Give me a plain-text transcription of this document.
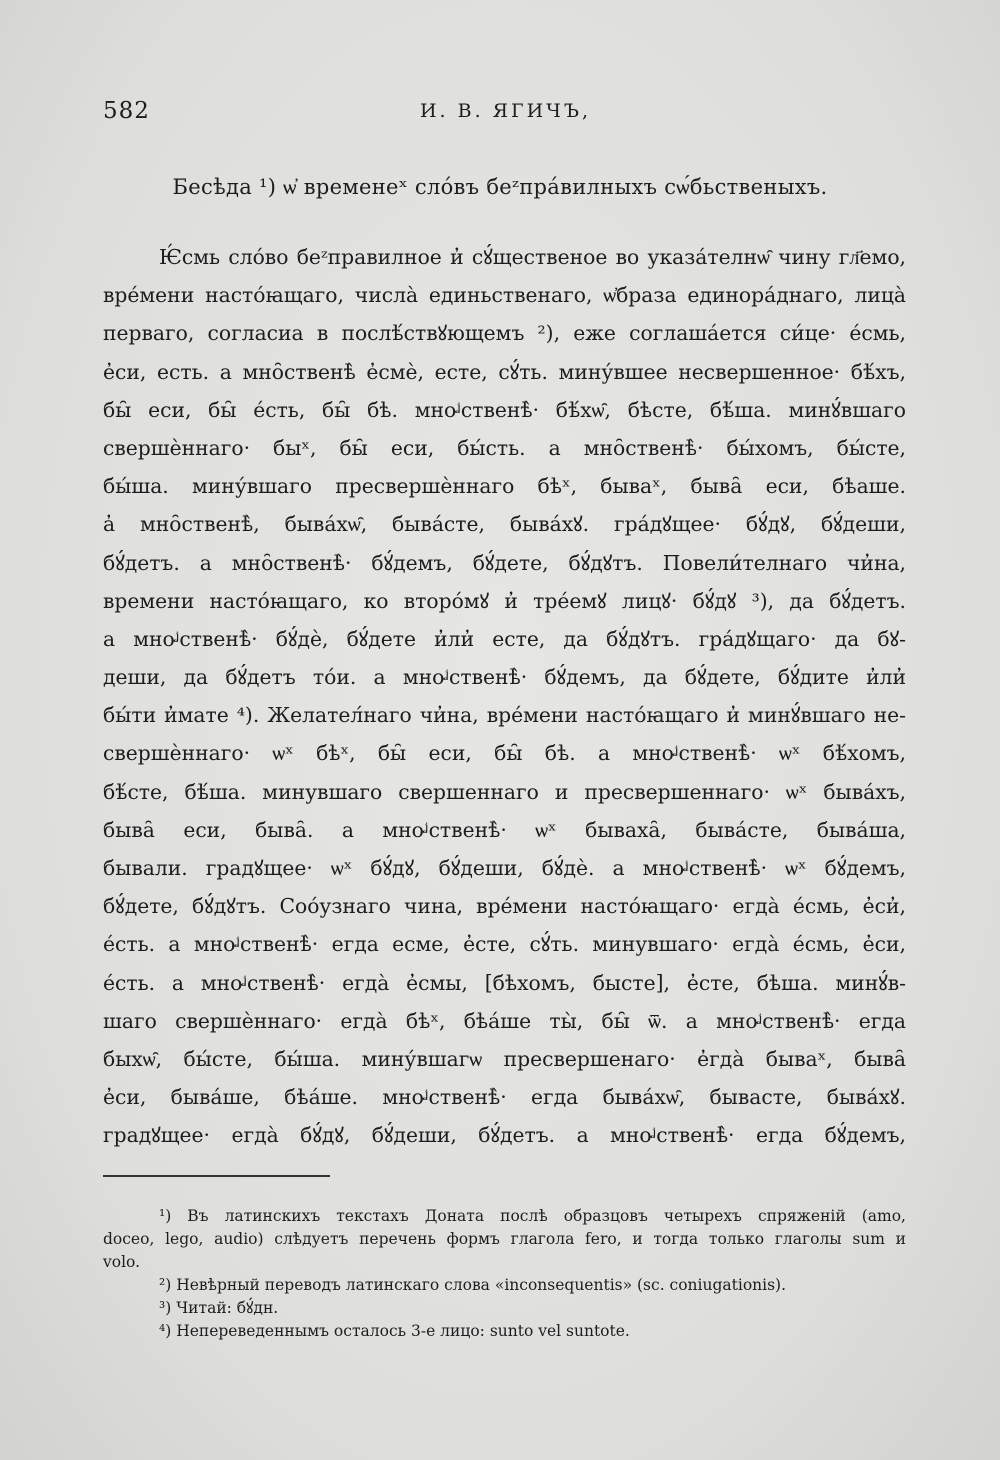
582	И. В. ЯГИЧЪ,
Бесѣда ¹) ѡ̓ временеˣ сло́въ беᶻпра́вилныхъ сѡ́бьственыхъ.
Ѥ́смь сло́во беᶻправилное и̓ сꙋ́щественое во указа́телнѡ̑ чину гл҃емо,
вре́мени насто́ꙗщаго, числа̀ единьственаго, ѡ̓браза единора́днаго, лица̀
перваго, согласиа в послѣ́ствꙋющемъ ²), еже соглаша́ется си́це· е́смь,
е̓си, есть. а мно̑ственѣ̀ е̓смѐ, есте, сꙋ́ть. мину́вшее несвершенное· бѣ́хъ,
бы̑ еси, бы̑ е́сть, бы̑ бѣ. мноᶨственѣ̀· бѣ́хѡ̑, бѣсте, бѣ́ша. минꙋ́вшаго
свершѐннаго· быˣ, бы̑ еси, бы́сть. а мно̑ственѣ̀· бы́хомъ, бы́сте,
бы́ша. мину́вшаго пресвершѐннаго бѣˣ, бываˣ, быва̑ еси, бѣаше.
а̓ мно̑ственѣ̀, быва́хѡ̑, быва́сте, быва́хꙋ. гра́дꙋщее· бꙋ́дꙋ, бꙋ́деши,
бꙋ́детъ. а мно̑ственѣ̀· бꙋ́демъ, бꙋ́дете, бꙋ́дꙋтъ. Повели́телнаго чи̓на,
времени насто́ꙗщаго, ко второ́мꙋ и̓ тре́емꙋ лицꙋ· бꙋ́дꙋ ³), да бꙋ́детъ.
а мноᶨственѣ̀· бꙋ́дѐ, бꙋ́дете и̓ли̓ есте, да бꙋ́дꙋтъ. гра́дꙋщаго· да бꙋ-
деши, да бꙋ́детъ то́и. а мноᶨственѣ̀· бꙋ́демъ, да бꙋ́дете, бꙋ́дите и̓ли̓
бы́ти и̓мате ⁴). Желател́наго чи̓на, вре́мени насто́ꙗщаго и̓ минꙋ́вшаго не-
свершѐннаго· ѡˣ бѣˣ, бы̑ еси, бы̑ бѣ. а мноᶨственѣ̀· ѡˣ бѣ́хомъ,
бѣ́сте, бѣ́ша. минувшаго свершеннаго и пресвершеннаго· ѡˣ быва́хъ,
быва̑ еси, быва̑. а мноᶨственѣ̀· ѡˣ бываха̑, быва́сте, быва́ша,
бывали. градꙋщее· ѡˣ бꙋ́дꙋ, бꙋ́деши, бꙋ́дѐ. а мноᶨственѣ̀· ѡˣ бꙋ́демъ,
бꙋ́дете, бꙋ́дꙋтъ. Соо́узнаго чина, вре́мени насто́ꙗщаго· егда̀ е́смь, е̓си̓,
е́сть. а мноᶨственѣ̀· егда есме, е̓сте, сꙋ́ть. минувшаго· егда̀ е́смь, е̓си,
е́сть. а мноᶨственѣ̀· егда̀ е̓смы, [бѣхомъ, бысте], е̓сте, бѣша. минꙋ́в-
шаго свершѐннаго· егда̀ бѣˣ, бѣа́ше ты̀, бы̑ ѿ. а мноᶨственѣ̀· егда
быхѡ̑, бы́сте, бы́ша. мину́вшагѡ пресвершенаго· е̓гда̀ бываˣ, быва̑
е̓си, быва́ше, бѣа́ше. мноᶨственѣ̀· егда быва́хѡ̑, бываcте, быва́хꙋ.
градꙋщее· егда̀ бꙋ́дꙋ, бꙋ́деши, бꙋ́детъ. а мноᶨственѣ̀· егда бꙋ́демъ,
¹) Въ латинскихъ текстахъ Доната послѣ образцовъ четырехъ спряженій (amo,
doceo, lego, audio) слѣдуетъ перечень формъ глагола fero, и тогда только глаголы sum и
volo.
²) Невѣрный переводъ латинскаго слова «inconsequentis» (sc. coniugationis).
³) Читай: бꙋ́дн.
⁴) Непереведеннымъ осталось 3-е лицо: sunto vel suntote.
